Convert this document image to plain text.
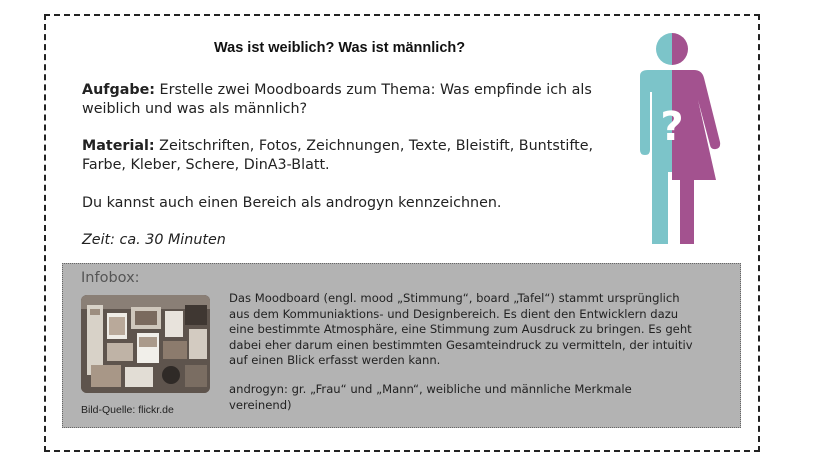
Was ist weiblich? Was ist männlich?
Aufgabe: Erstelle zwei Moodboards zum Thema: Was empfinde ich als
weiblich und was als männlich?
Material: Zeitschriften, Fotos, Zeichnungen, Texte, Bleistift, Buntstifte,
Farbe, Kleber, Schere, DinA3-Blatt.
Du kannst auch einen Bereich als androgyn kennzeichnen.
Zeit: ca. 30 Minuten
?
Infobox:
Bild-Quelle: flickr.de
Das Moodboard (engl. mood „Stimmung“, board „Tafel“) stammt ursprünglich
aus dem Kommuniaktions- und Designbereich. Es dient den Entwicklern dazu
eine bestimmte Atmosphäre, eine Stimmung zum Ausdruck zu bringen. Es geht
dabei eher darum einen bestimmten Gesamteindruck zu vermitteln, der intuitiv
auf einen Blick erfasst werden kann.
androgyn: gr. „Frau“ und „Mann“, weibliche und männliche Merkmale
vereinend)
